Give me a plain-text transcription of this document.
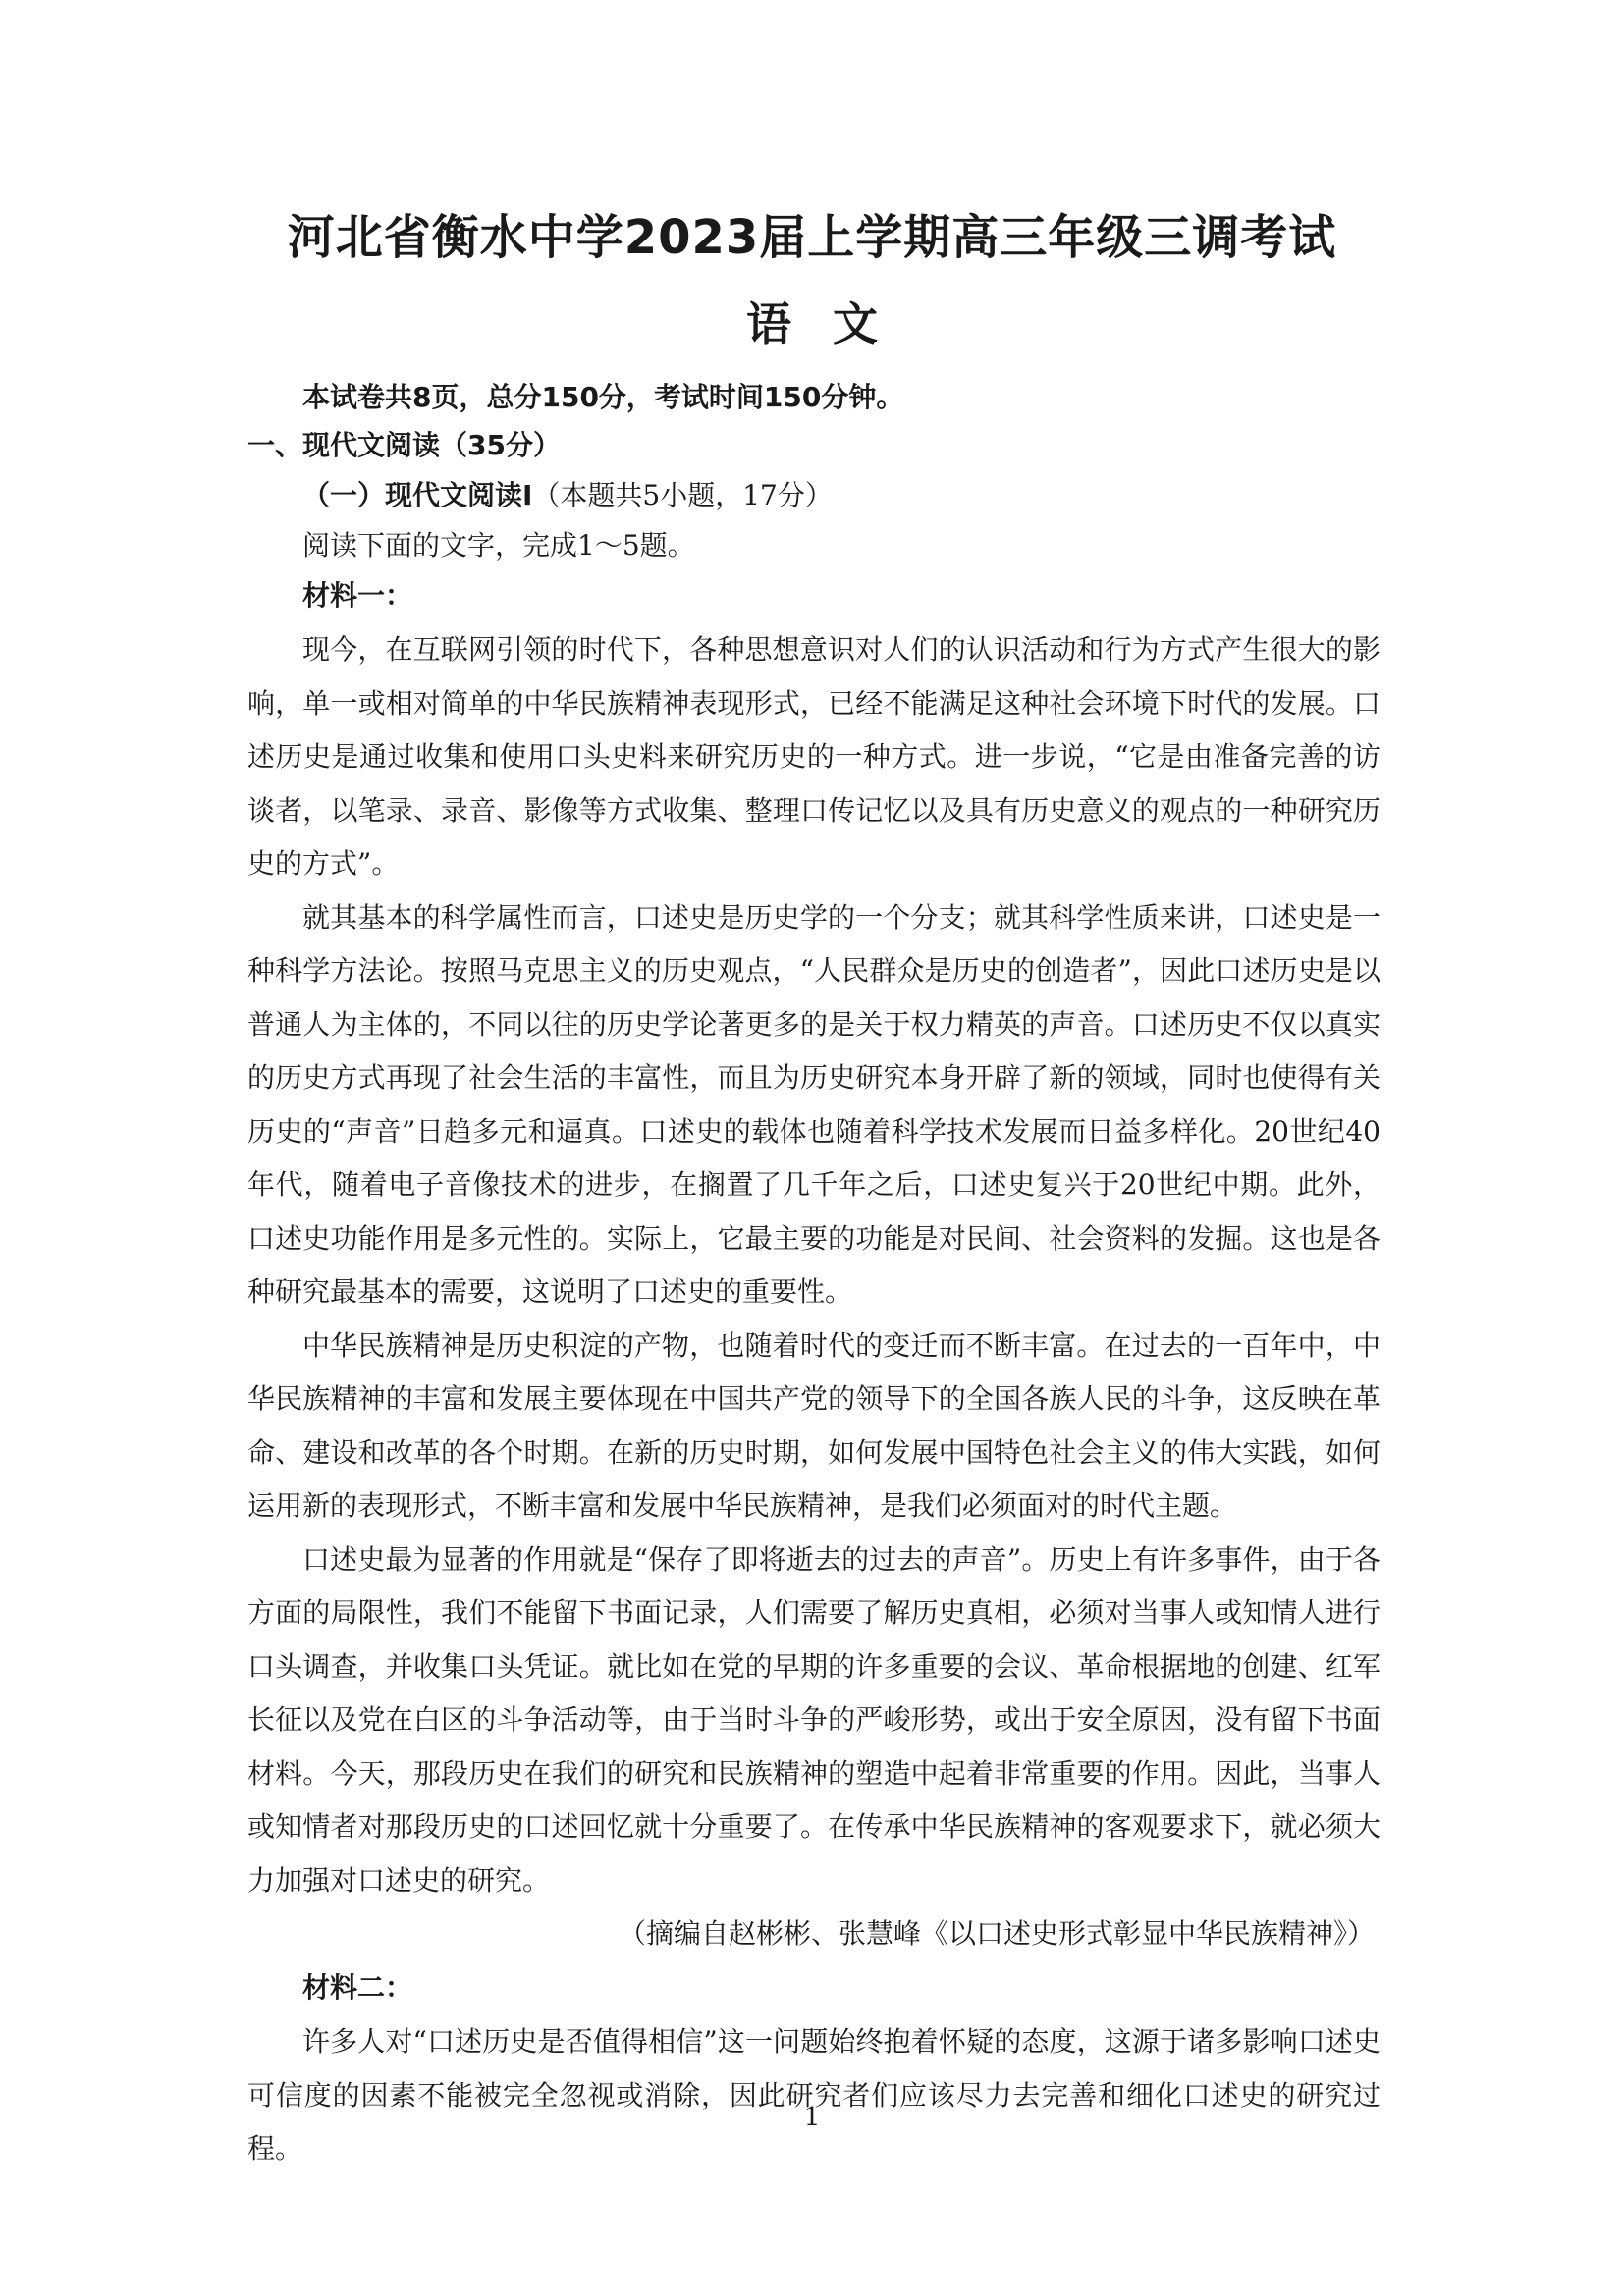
河北省衡水中学2023届上学期高三年级三调考试
语文
本试卷共8页，总分150分，考试时间150分钟。
一、现代文阅读（35分）
（一）现代文阅读Ⅰ（本题共5小题，17分）
阅读下面的文字，完成1～5题。
材料一：

现今，在互联网引领的时代下，各种思想意识对人们的认识活动和行为方式产生很大的影响，单一或相对简单的中华民族精神表现形式，已经不能满足这种社会环境下时代的发展。口述历史是通过收集和使用口头史料来研究历史的一种方式。进一步说，“它是由准备完善的访谈者，以笔录、录音、影像等方式收集、整理口传记忆以及具有历史意义的观点的一种研究历史的方式”。

就其基本的科学属性而言，口述史是历史学的一个分支；就其科学性质来讲，口述史是一种科学方法论。按照马克思主义的历史观点，“人民群众是历史的创造者”，因此口述历史是以普通人为主体的，不同以往的历史学论著更多的是关于权力精英的声音。口述历史不仅以真实的历史方式再现了社会生活的丰富性，而且为历史研究本身开辟了新的领域，同时也使得有关历史的“声音”日趋多元和逼真。口述史的载体也随着科学技术发展而日益多样化。20世纪40年代，随着电子音像技术的进步，在搁置了几千年之后，口述史复兴于20世纪中期。此外，口述史功能作用是多元性的。实际上，它最主要的功能是对民间、社会资料的发掘。这也是各种研究最基本的需要，这说明了口述史的重要性。

中华民族精神是历史积淀的产物，也随着时代的变迁而不断丰富。在过去的一百年中，中华民族精神的丰富和发展主要体现在中国共产党的领导下的全国各族人民的斗争，这反映在革命、建设和改革的各个时期。在新的历史时期，如何发展中国特色社会主义的伟大实践，如何运用新的表现形式，不断丰富和发展中华民族精神，是我们必须面对的时代主题。

口述史最为显著的作用就是“保存了即将逝去的过去的声音”。历史上有许多事件，由于各方面的局限性，我们不能留下书面记录，人们需要了解历史真相，必须对当事人或知情人进行口头调查，并收集口头凭证。就比如在党的早期的许多重要的会议、革命根据地的创建、红军长征以及党在白区的斗争活动等，由于当时斗争的严峻形势，或出于安全原因，没有留下书面材料。今天，那段历史在我们的研究和民族精神的塑造中起着非常重要的作用。因此，当事人或知情者对那段历史的口述回忆就十分重要了。在传承中华民族精神的客观要求下，就必须大力加强对口述史的研究。

（摘编自赵彬彬、张慧峰《以口述史形式彰显中华民族精神》）
材料二：

许多人对“口述历史是否值得相信”这一问题始终抱着怀疑的态度，这源于诸多影响口述史可信度的因素不能被完全忽视或消除，因此研究者们应该尽力去完善和细化口述史的研究过程。

1
